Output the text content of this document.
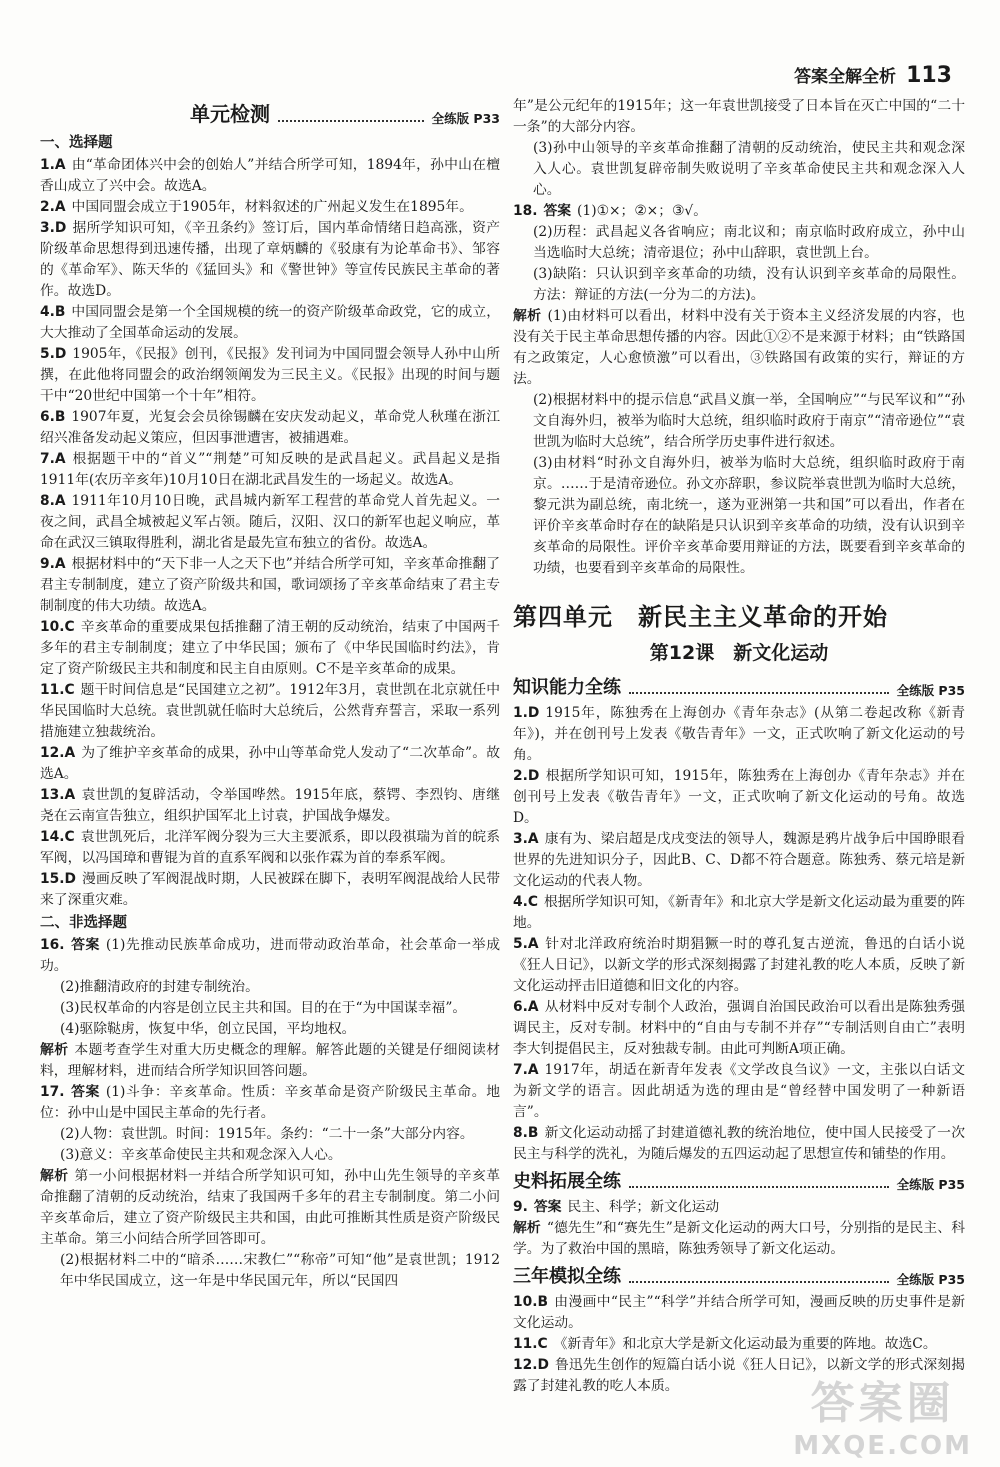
答案全解全析 113
单元检测	全练版 P33

一、选择题

1.A 由“革命团体兴中会的创始人”并结合所学可知，1894年，孙中山在檀香山成立了兴中会。故选A。

2.A 中国同盟会成立于1905年，材料叙述的广州起义发生在1895年。

3.D 据所学知识可知，《辛丑条约》签订后，国内革命情绪日趋高涨，资产阶级革命思想得到迅速传播，出现了章炳麟的《驳康有为论革命书》、邹容的《革命军》、陈天华的《猛回头》和《警世钟》等宣传民族民主革命的著作。故选D。

4.B 中国同盟会是第一个全国规模的统一的资产阶级革命政党，它的成立，大大推动了全国革命运动的发展。

5.D 1905年，《民报》创刊，《民报》发刊词为中国同盟会领导人孙中山所撰，在此他将同盟会的政治纲领阐发为三民主义。《民报》出现的时间与题干中“20世纪中国第一个十年”相符。

6.B 1907年夏，光复会会员徐锡麟在安庆发动起义，革命党人秋瑾在浙江绍兴准备发动起义策应，但因事泄遭害，被捕遇难。

7.A 根据题干中的“首义”“荆楚”可知反映的是武昌起义。武昌起义是指1911年(农历辛亥年)10月10日在湖北武昌发生的一场起义。故选A。

8.A 1911年10月10日晚，武昌城内新军工程营的革命党人首先起义。一夜之间，武昌全城被起义军占领。随后，汉阳、汉口的新军也起义响应，革命在武汉三镇取得胜利，湖北省是最先宣布独立的省份。故选A。

9.A 根据材料中的“天下非一人之天下也”并结合所学可知，辛亥革命推翻了君主专制制度，建立了资产阶级共和国，歌词颂扬了辛亥革命结束了君主专制制度的伟大功绩。故选A。

10.C 辛亥革命的重要成果包括推翻了清王朝的反动统治，结束了中国两千多年的君主专制制度；建立了中华民国；颁布了《中华民国临时约法》，肯定了资产阶级民主共和制度和民主自由原则。C不是辛亥革命的成果。

11.C 题干时间信息是“民国建立之初”。1912年3月，袁世凯在北京就任中华民国临时大总统。袁世凯就任临时大总统后，公然背弃誓言，采取一系列措施建立独裁统治。

12.A 为了维护辛亥革命的成果，孙中山等革命党人发动了“二次革命”。故选A。

13.A 袁世凯的复辟活动，令举国哗然。1915年底，蔡锷、李烈钧、唐继尧在云南宣告独立，组织护国军北上讨袁，护国战争爆发。

14.C 袁世凯死后，北洋军阀分裂为三大主要派系，即以段祺瑞为首的皖系军阀，以冯国璋和曹锟为首的直系军阀和以张作霖为首的奉系军阀。

15.D 漫画反映了军阀混战时期，人民被踩在脚下，表明军阀混战给人民带来了深重灾难。

二、非选择题

16. 答案 (1)先推动民族革命成功，进而带动政治革命，社会革命一举成功。

(2)推翻清政府的封建专制统治。

(3)民权革命的内容是创立民主共和国。目的在于“为中国谋幸福”。

(4)驱除鞑虏，恢复中华，创立民国，平均地权。

解析 本题考查学生对重大历史概念的理解。解答此题的关键是仔细阅读材料，理解材料，进而结合所学知识回答问题。

17. 答案 (1)斗争：辛亥革命。性质：辛亥革命是资产阶级民主革命。地位：孙中山是中国民主革命的先行者。

(2)人物：袁世凯。时间：1915年。条约：“二十一条”大部分内容。

(3)意义：辛亥革命使民主共和观念深入人心。

解析 第一小问根据材料一并结合所学知识可知，孙中山先生领导的辛亥革命推翻了清朝的反动统治，结束了我国两千多年的君主专制制度。第二小问辛亥革命后，建立了资产阶级民主共和国，由此可推断其性质是资产阶级民主革命。第三小问结合所学回答即可。

(2)根据材料二中的“暗杀……宋教仁”“称帝”可知“他”是袁世凯；1912年中华民国成立，这一年是中华民国元年，所以“民国四

年”是公元纪年的1915年；这一年袁世凯接受了日本旨在灭亡中国的“二十一条”的大部分内容。

(3)孙中山领导的辛亥革命推翻了清朝的反动统治，使民主共和观念深入人心。袁世凯复辟帝制失败说明了辛亥革命使民主共和观念深入人心。

18. 答案 (1)①×；②×；③√。

(2)历程：武昌起义各省响应；南北议和；南京临时政府成立，孙中山当选临时大总统；清帝退位；孙中山辞职，袁世凯上台。

(3)缺陷：只认识到辛亥革命的功绩，没有认识到辛亥革命的局限性。方法：辩证的方法(一分为二的方法)。

解析 (1)由材料可以看出，材料中没有关于资本主义经济发展的内容，也没有关于民主革命思想传播的内容。因此①②不是来源于材料；由“铁路国有之政策定，人心愈愤激”可以看出，③铁路国有政策的实行，辩证的方法。

(2)根据材料中的提示信息“武昌义旗一举，全国响应”“与民军议和”“孙文自海外归，被举为临时大总统，组织临时政府于南京”“清帝逊位”“袁世凯为临时大总统”，结合所学历史事件进行叙述。

(3)由材料“时孙文自海外归，被举为临时大总统，组织临时政府于南京。……于是清帝逊位。孙文亦辞职，参议院举袁世凯为临时大总统，黎元洪为副总统，南北统一，遂为亚洲第一共和国”可以看出，作者在评价辛亥革命时存在的缺陷是只认识到辛亥革命的功绩，没有认识到辛亥革命的局限性。评价辛亥革命要用辩证的方法，既要看到辛亥革命的功绩，也要看到辛亥革命的局限性。

第四单元　新民主主义革命的开始
第12课　新文化运动
知识能力全练	全练版 P35

1.D 1915年，陈独秀在上海创办《青年杂志》(从第二卷起改称《新青年》)，并在创刊号上发表《敬告青年》一文，正式吹响了新文化运动的号角。

2.D 根据所学知识可知，1915年，陈独秀在上海创办《青年杂志》并在创刊号上发表《敬告青年》一文，正式吹响了新文化运动的号角。故选D。

3.A 康有为、梁启超是戊戌变法的领导人，魏源是鸦片战争后中国睁眼看世界的先进知识分子，因此B、C、D都不符合题意。陈独秀、蔡元培是新文化运动的代表人物。

4.C 根据所学知识可知，《新青年》和北京大学是新文化运动最为重要的阵地。

5.A 针对北洋政府统治时期猖獗一时的尊孔复古逆流，鲁迅的白话小说《狂人日记》，以新文学的形式深刻揭露了封建礼教的吃人本质，反映了新文化运动抨击旧道德和旧文化的内容。

6.A 从材料中反对专制个人政治，强调自治国民政治可以看出是陈独秀强调民主，反对专制。材料中的“自由与专制不并存”“专制活则自由亡”表明李大钊提倡民主，反对独裁专制。由此可判断A项正确。

7.A 1917年，胡适在新青年发表《文学改良刍议》一文，主张以白话文为新文学的语言。因此胡适为选的理由是“曾经替中国发明了一种新语言”。

8.B 新文化运动动摇了封建道德礼教的统治地位，使中国人民接受了一次民主与科学的洗礼，为随后爆发的五四运动起了思想宣传和铺垫的作用。

史料拓展全练	全练版 P35

9. 答案 民主、科学；新文化运动

解析 “德先生”和“赛先生”是新文化运动的两大口号，分别指的是民主、科学。为了救治中国的黑暗，陈独秀领导了新文化运动。

三年模拟全练	全练版 P35

10.B 由漫画中“民主”“科学”并结合所学可知，漫画反映的历史事件是新文化运动。

11.C 《新青年》和北京大学是新文化运动最为重要的阵地。故选C。

12.D 鲁迅先生创作的短篇白话小说《狂人日记》，以新文学的形式深刻揭露了封建礼教的吃人本质。	答案圈
MXQE.COM
